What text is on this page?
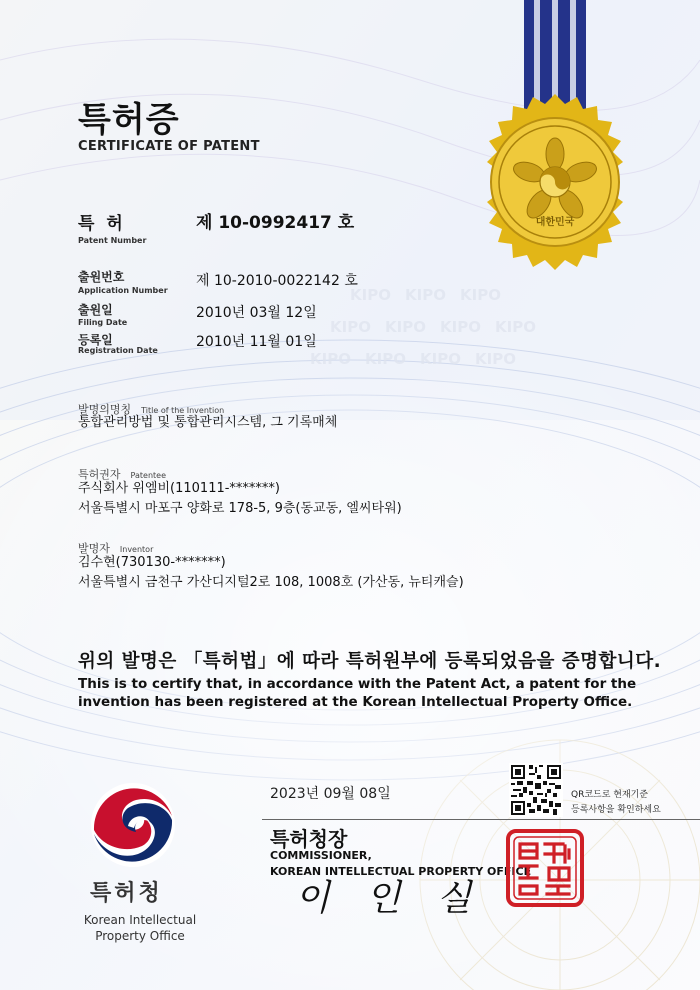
KIPO KIPO KIPO
KIPO KIPO KIPO KIPO
KIPO KIPO KIPO KIPO
대한민국
특허증
CERTIFICATE OF PATENT
특 허
Patent Number
제 10-0992417 호
출원번호
Application Number
제 10-2010-0022142 호
출원일
Filing Date
2010년 03월 12일
등록일
Registration Date
2010년 11월 01일
발명의명칭 Title of the Invention
통합관리방법 및 통합관리시스템, 그 기록매체
특허권자 Patentee
주식회사 위엠비(110111-*******)
서울특별시 마포구 양화로 178-5, 9층(동교동, 엘씨타워)
발명자 Inventor
김수현(730130-*******)
서울특별시 금천구 가산디지털2로 108, 1008호 (가산동, 뉴티캐슬)
위의 발명은 「특허법」에 따라 특허원부에 등록되었음을 증명합니다.
This is to certify that, in accordance with the Patent Act, a patent for the invention has been registered at the Korean Intellectual Property Office.
2023년 09월 08일	QR코드로 현재기준
등록사항을 확인하세요
특허청장
COMMISSIONER,
KOREAN INTELLECTUAL PROPERTY OFFICE
이인실
특허청
Korean Intellectual
Property Office
